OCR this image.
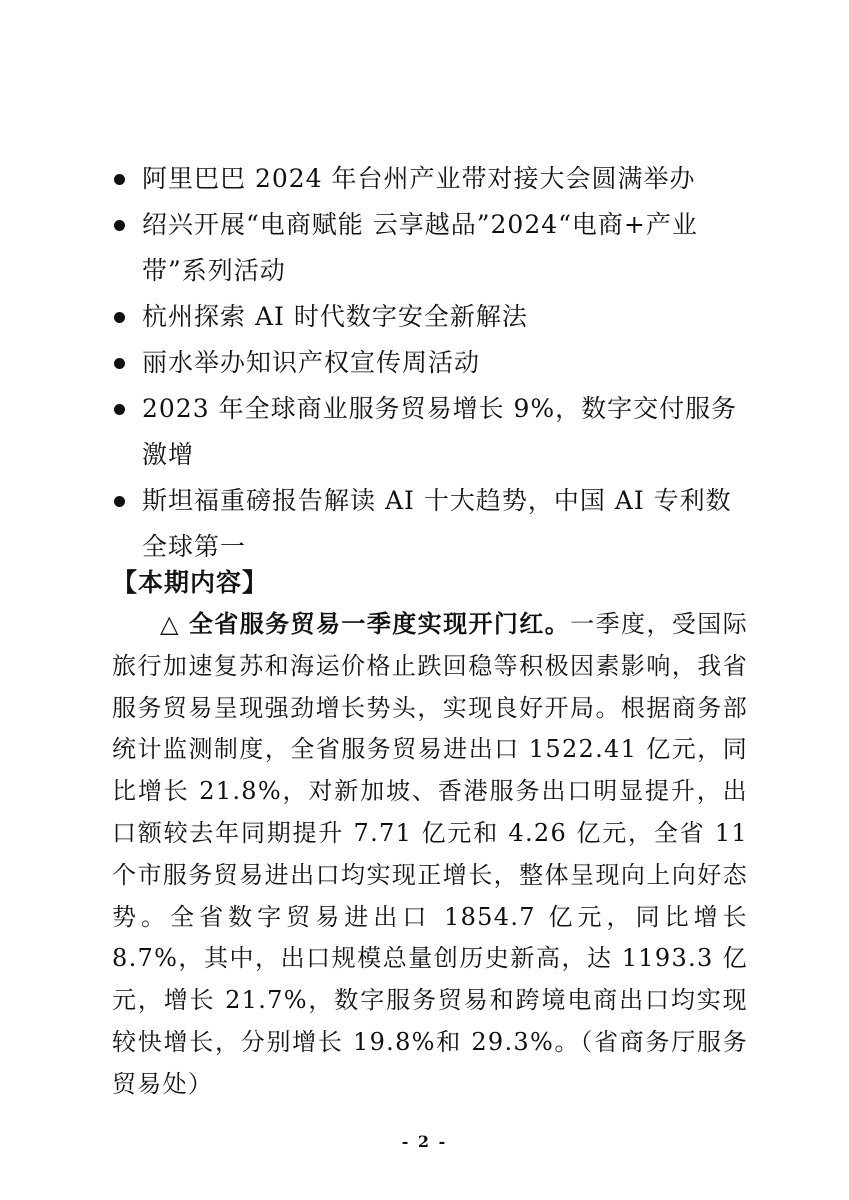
阿里巴巴 2024 年台州产业带对接大会圆满举办
绍兴开展“电商赋能 云享越品”2024“电商+产业带”系列活动
杭州探索 AI 时代数字安全新解法
丽水举办知识产权宣传周活动
2023 年全球商业服务贸易增长 9%，数字交付服务激增
斯坦福重磅报告解读 AI 十大趋势，中国 AI 专利数全球第一
【本期内容】

△ 全省服务贸易一季度实现开门红。一季度，受国际旅行加速复苏和海运价格止跌回稳等积极因素影响，我省服务贸易呈现强劲增长势头，实现良好开局。根据商务部统计监测制度，全省服务贸易进出口 1522.41 亿元，同比增长 21.8%，对新加坡、香港服务出口明显提升，出口额较去年同期提升 7.71 亿元和 4.26 亿元，全省 11 个市服务贸易进出口均实现正增长，整体呈现向上向好态势。全省数字贸易进出口 1854.7 亿元，同比增长 8.7%，其中，出口规模总量创历史新高，达 1193.3 亿元，增长 21.7%，数字服务贸易和跨境电商出口均实现较快增长，分别增长 19.8%和 29.3%。（省商务厅服务贸易处）

- 2 -
